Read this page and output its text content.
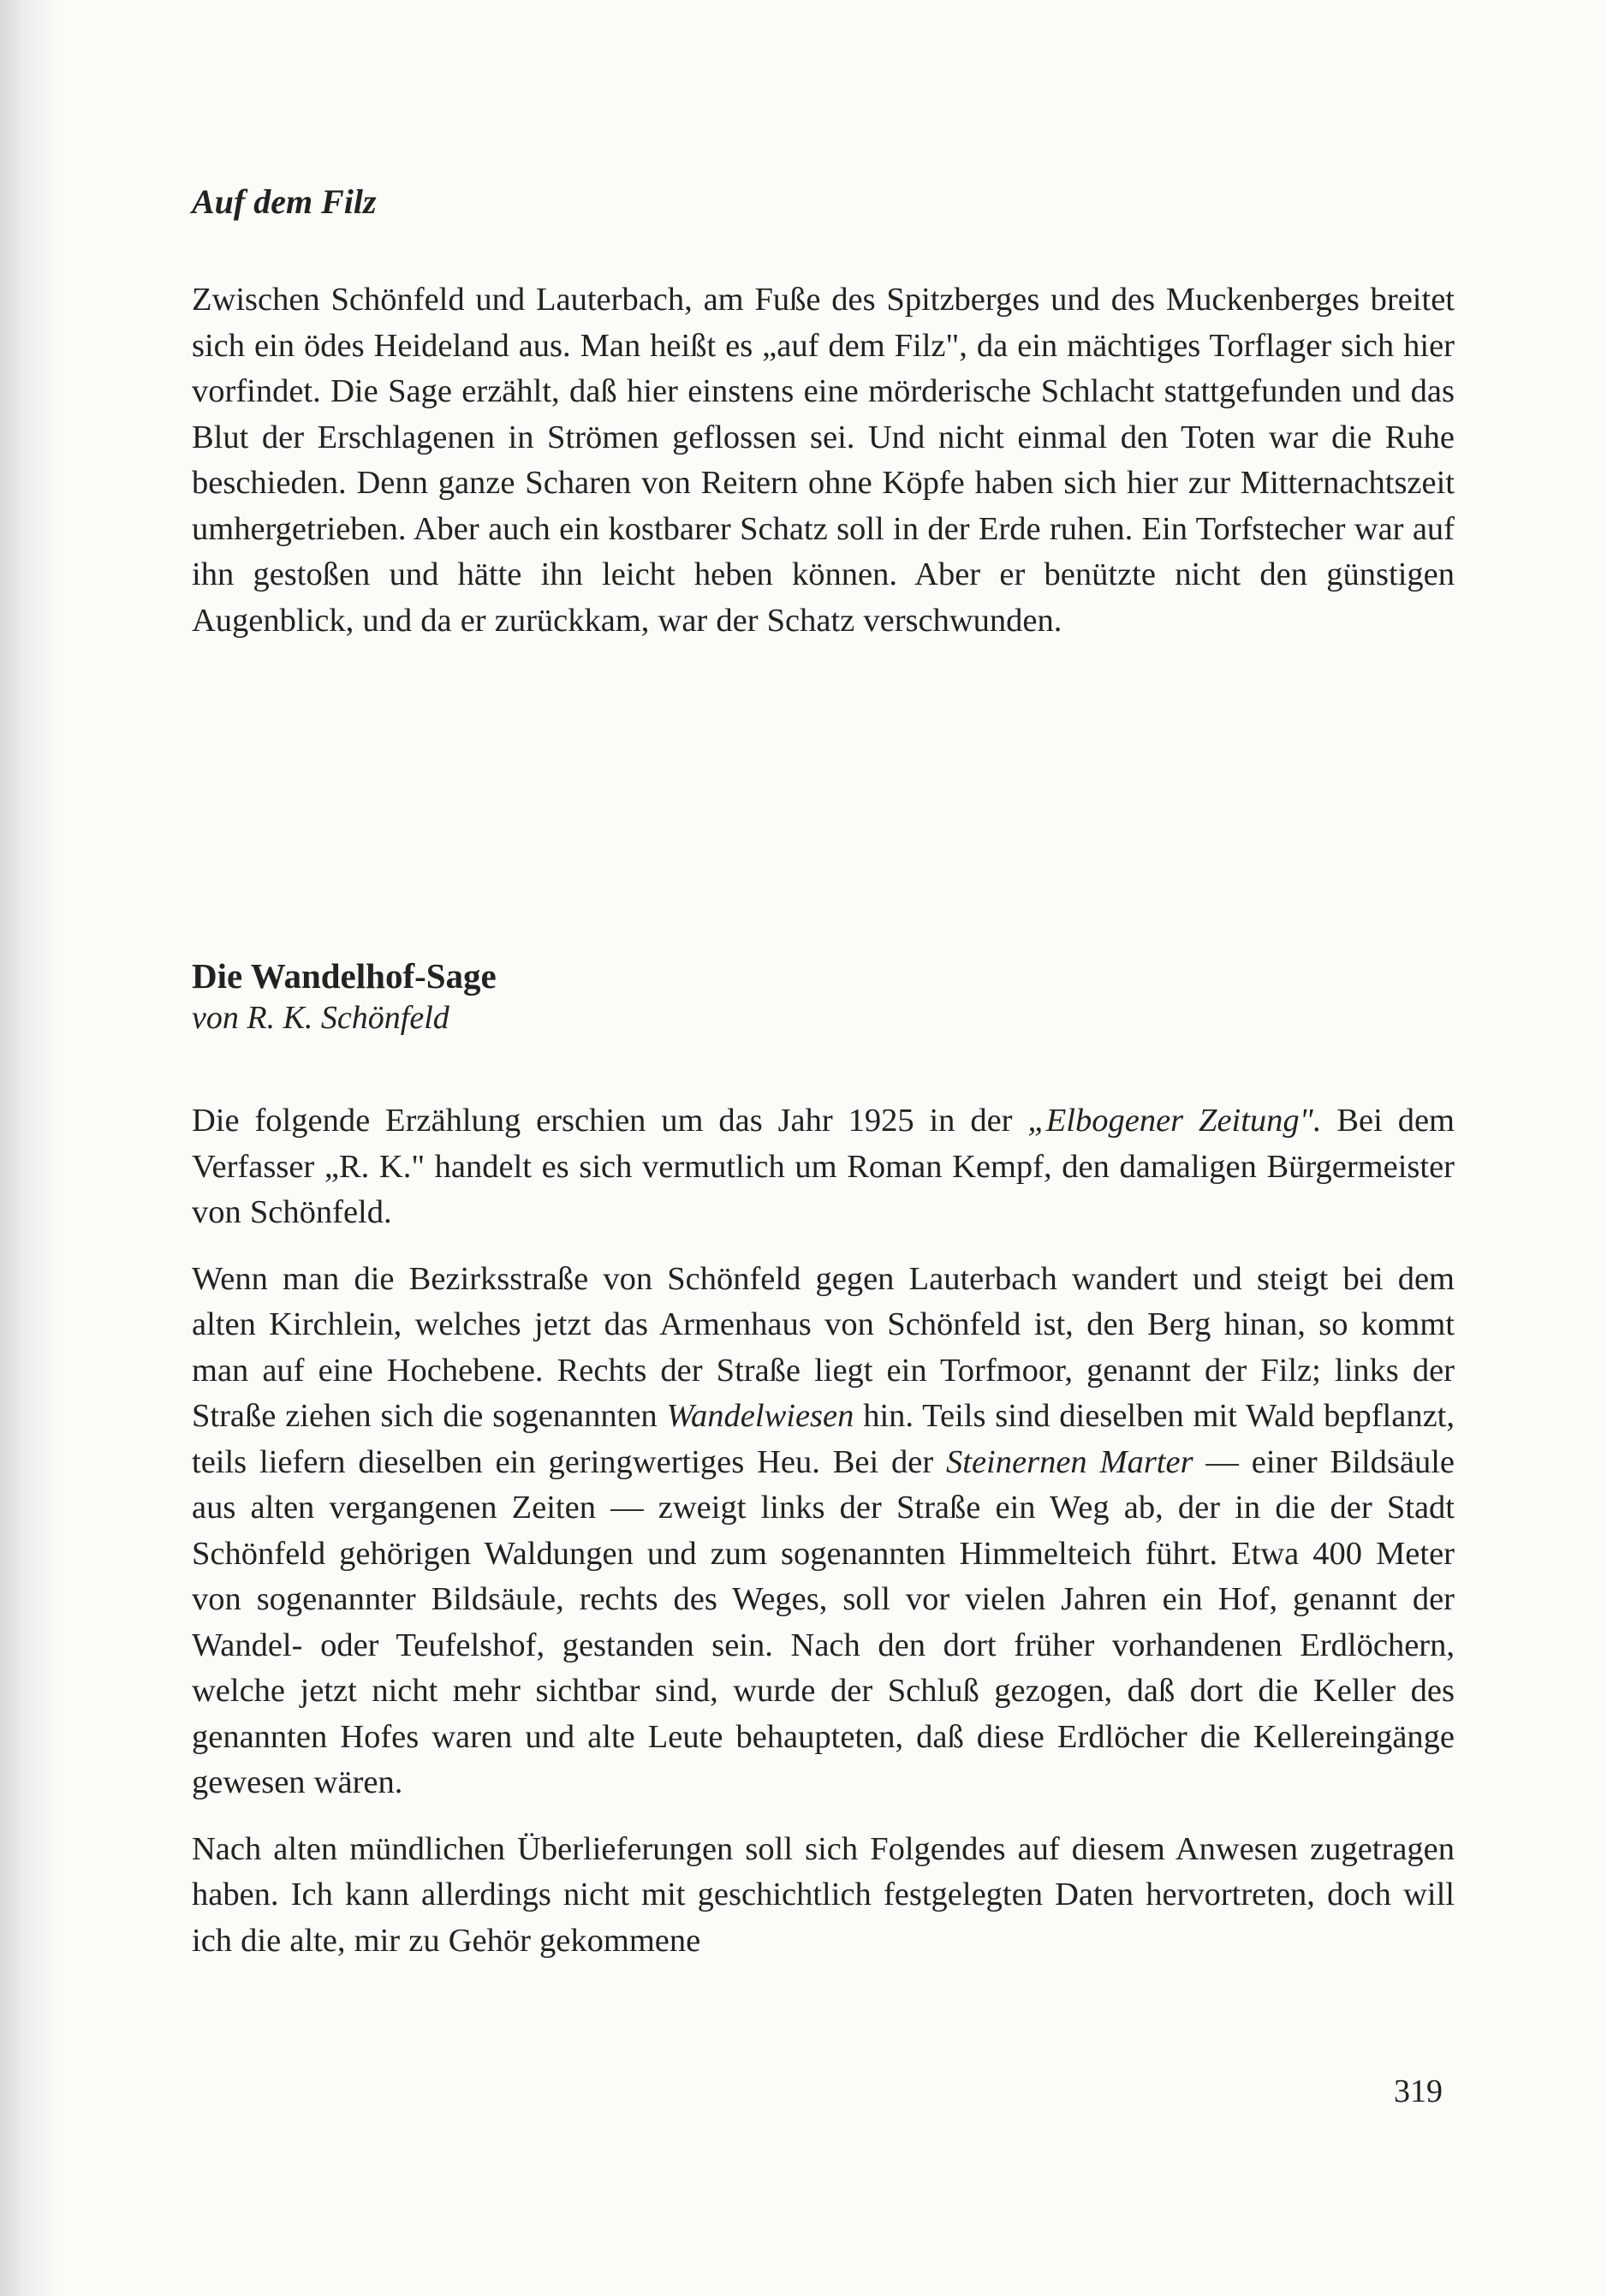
Auf dem Filz

Zwischen Schönfeld und Lauterbach, am Fuße des Spitzberges und des Muckenberges breitet sich ein ödes Heideland aus. Man heißt es „auf dem Filz", da ein mächtiges Torflager sich hier vorfindet. Die Sage erzählt, daß hier einstens eine mörderische Schlacht stattgefunden und das Blut der Erschlagenen in Strömen geflossen sei. Und nicht einmal den Toten war die Ruhe beschieden. Denn ganze Scharen von Reitern ohne Köpfe haben sich hier zur Mitternachtszeit umhergetrieben. Aber auch ein kostbarer Schatz soll in der Erde ruhen. Ein Torfstecher war auf ihn gestoßen und hätte ihn leicht heben können. Aber er benützte nicht den günstigen Augenblick, und da er zurückkam, war der Schatz verschwunden.

Die Wandelhof-Sage

von R. K. Schönfeld

Die folgende Erzählung erschien um das Jahr 1925 in der „Elbogener Zeitung". Bei dem Verfasser „R. K." handelt es sich vermutlich um Roman Kempf, den damaligen Bürgermeister von Schönfeld.

Wenn man die Bezirksstraße von Schönfeld gegen Lauterbach wandert und steigt bei dem alten Kirchlein, welches jetzt das Armenhaus von Schönfeld ist, den Berg hinan, so kommt man auf eine Hochebene. Rechts der Straße liegt ein Torfmoor, genannt der Filz; links der Straße ziehen sich die sogenannten Wandelwiesen hin. Teils sind dieselben mit Wald bepflanzt, teils liefern dieselben ein geringwertiges Heu. Bei der Steinernen Marter — einer Bildsäule aus alten vergangenen Zeiten — zweigt links der Straße ein Weg ab, der in die der Stadt Schönfeld gehörigen Waldungen und zum sogenannten Himmelteich führt. Etwa 400 Meter von sogenannter Bildsäule, rechts des Weges, soll vor vielen Jahren ein Hof, genannt der Wandel- oder Teufelshof, gestanden sein. Nach den dort früher vorhandenen Erdlöchern, welche jetzt nicht mehr sichtbar sind, wurde der Schluß gezogen, daß dort die Keller des genannten Hofes waren und alte Leute behaupteten, daß diese Erdlöcher die Kellereingänge gewesen wären.

Nach alten mündlichen Überlieferungen soll sich Folgendes auf diesem Anwesen zugetragen haben. Ich kann allerdings nicht mit geschichtlich festgelegten Daten hervortreten, doch will ich die alte, mir zu Gehör gekommene

319
